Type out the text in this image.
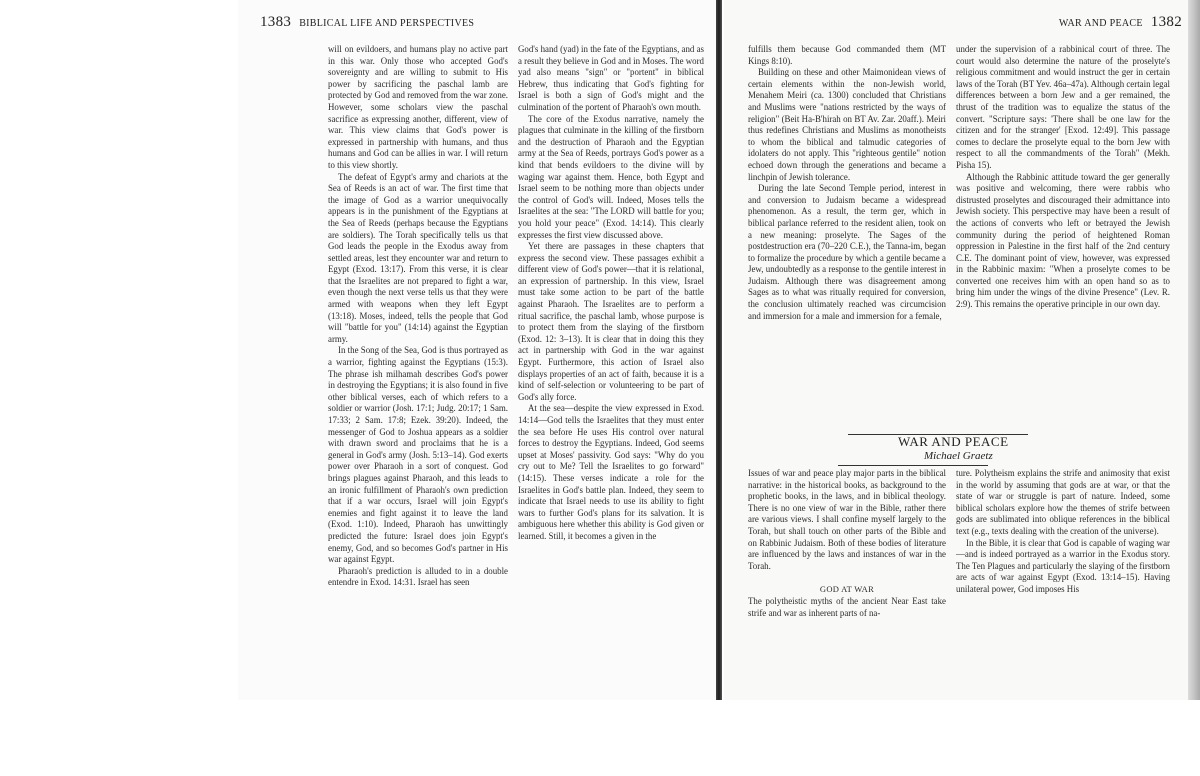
1383 BIBLICAL LIFE AND PERSPECTIVES

will on evildoers, and humans play no active part in this war. Only those who accepted God's sovereignty and are willing to submit to His power by sacrificing the paschal lamb are protected by God and removed from the war zone. However, some scholars view the paschal sacrifice as expressing another, different, view of war. This view claims that God's power is expressed in partnership with humans, and thus humans and God can be allies in war. I will return to this view shortly.

The defeat of Egypt's army and chariots at the Sea of Reeds is an act of war. The first time that the image of God as a warrior unequivocally appears is in the punishment of the Egyptians at the Sea of Reeds (perhaps because the Egyptians are soldiers). The Torah specifically tells us that God leads the people in the Exodus away from settled areas, lest they encounter war and return to Egypt (Exod. 13:17). From this verse, it is clear that the Israelites are not prepared to fight a war, even though the next verse tells us that they were armed with weapons when they left Egypt (13:18). Moses, indeed, tells the people that God will "battle for you" (14:14) against the Egyptian army.

In the Song of the Sea, God is thus portrayed as a warrior, fighting against the Egyptians (15:3). The phrase ish milhamah describes God's power in destroying the Egyptians; it is also found in five other biblical verses, each of which refers to a soldier or warrior (Josh. 17:1; Judg. 20:17; 1 Sam. 17:33; 2 Sam. 17:8; Ezek. 39:20). Indeed, the messenger of God to Joshua appears as a soldier with drawn sword and proclaims that he is a general in God's army (Josh. 5:13–14). God exerts power over Pharaoh in a sort of conquest. God brings plagues against Pharaoh, and this leads to an ironic fulfillment of Pharaoh's own prediction that if a war occurs, Israel will join Egypt's enemies and fight against it to leave the land (Exod. 1:10). Indeed, Pharaoh has unwittingly predicted the future: Israel does join Egypt's enemy, God, and so becomes God's partner in His war against Egypt.

Pharaoh's prediction is alluded to in a double entendre in Exod. 14:31. Israel has seen

God's hand (yad) in the fate of the Egyptians, and as a result they believe in God and in Moses. The word yad also means "sign" or "portent" in biblical Hebrew, thus indicating that God's fighting for Israel is both a sign of God's might and the culmination of the portent of Pharaoh's own mouth.

The core of the Exodus narrative, namely the plagues that culminate in the killing of the firstborn and the destruction of Pharaoh and the Egyptian army at the Sea of Reeds, portrays God's power as a kind that bends evildoers to the divine will by waging war against them. Hence, both Egypt and Israel seem to be nothing more than objects under the control of God's will. Indeed, Moses tells the Israelites at the sea: "The LORD will battle for you; you hold your peace" (Exod. 14:14). This clearly expresses the first view discussed above.

Yet there are passages in these chapters that express the second view. These passages exhibit a different view of God's power—that it is relational, an expression of partnership. In this view, Israel must take some action to be part of the battle against Pharaoh. The Israelites are to perform a ritual sacrifice, the paschal lamb, whose purpose is to protect them from the slaying of the firstborn (Exod. 12: 3–13). It is clear that in doing this they act in partnership with God in the war against Egypt. Furthermore, this action of Israel also displays properties of an act of faith, because it is a kind of self-selection or volunteering to be part of God's ally force.

At the sea—despite the view expressed in Exod. 14:14—God tells the Israelites that they must enter the sea before He uses His control over natural forces to destroy the Egyptians. Indeed, God seems upset at Moses' passivity. God says: "Why do you cry out to Me? Tell the Israelites to go forward" (14:15). These verses indicate a role for the Israelites in God's battle plan. Indeed, they seem to indicate that Israel needs to use its ability to fight wars to further God's plans for its salvation. It is ambiguous here whether this ability is God given or learned. Still, it becomes a given in the

WAR AND PEACE 1382

fulfills them because God commanded them (MT Kings 8:10).

Building on these and other Maimonidean views of certain elements within the non-Jewish world, Menahem Meiri (ca. 1300) concluded that Christians and Muslims were "nations restricted by the ways of religion" (Beit Ha-B'hirah on BT Av. Zar. 20aff.). Meiri thus redefines Christians and Muslims as monotheists to whom the biblical and talmudic categories of idolaters do not apply. This "righteous gentile" notion echoed down through the generations and became a linchpin of Jewish tolerance.

During the late Second Temple period, interest in and conversion to Judaism became a widespread phenomenon. As a result, the term ger, which in biblical parlance referred to the resident alien, took on a new meaning: proselyte. The Sages of the postdestruction era (70–220 C.E.), the Tanna-im, began to formalize the procedure by which a gentile became a Jew, undoubtedly as a response to the gentile interest in Judaism. Although there was disagreement among Sages as to what was ritually required for conversion, the conclusion ultimately reached was circumcision and immersion for a male and immersion for a female,

under the supervision of a rabbinical court of three. The court would also determine the nature of the proselyte's religious commitment and would instruct the ger in certain laws of the Torah (BT Yev. 46a–47a). Although certain legal differences between a born Jew and a ger remained, the thrust of the tradition was to equalize the status of the convert. "Scripture says: 'There shall be one law for the citizen and for the stranger' [Exod. 12:49]. This passage comes to declare the proselyte equal to the born Jew with respect to all the commandments of the Torah" (Mekh. Pisha 15).

Although the Rabbinic attitude toward the ger generally was positive and welcoming, there were rabbis who distrusted proselytes and discouraged their admittance into Jewish society. This perspective may have been a result of the actions of converts who left or betrayed the Jewish community during the period of heightened Roman oppression in Palestine in the first half of the 2nd century C.E. The dominant point of view, however, was expressed in the Rabbinic maxim: "When a proselyte comes to be converted one receives him with an open hand so as to bring him under the wings of the divine Presence" (Lev. R. 2:9). This remains the operative principle in our own day.

WAR AND PEACE
Michael Graetz

Issues of war and peace play major parts in the biblical narrative: in the historical books, as background to the prophetic books, in the laws, and in biblical theology. There is no one view of war in the Bible, rather there are various views. I shall confine myself largely to the Torah, but shall touch on other parts of the Bible and on Rabbinic Judaism. Both of these bodies of literature are influenced by the laws and instances of war in the Torah.

GOD AT WAR

The polytheistic myths of the ancient Near East take strife and war as inherent parts of na-

ture. Polytheism explains the strife and animosity that exist in the world by assuming that gods are at war, or that the state of war or struggle is part of nature. Indeed, some biblical scholars explore how the themes of strife between gods are sublimated into oblique references in the biblical text (e.g., texts dealing with the creation of the universe).

In the Bible, it is clear that God is capable of waging war—and is indeed portrayed as a warrior in the Exodus story. The Ten Plagues and particularly the slaying of the firstborn are acts of war against Egypt (Exod. 13:14–15). Having unilateral power, God imposes His
